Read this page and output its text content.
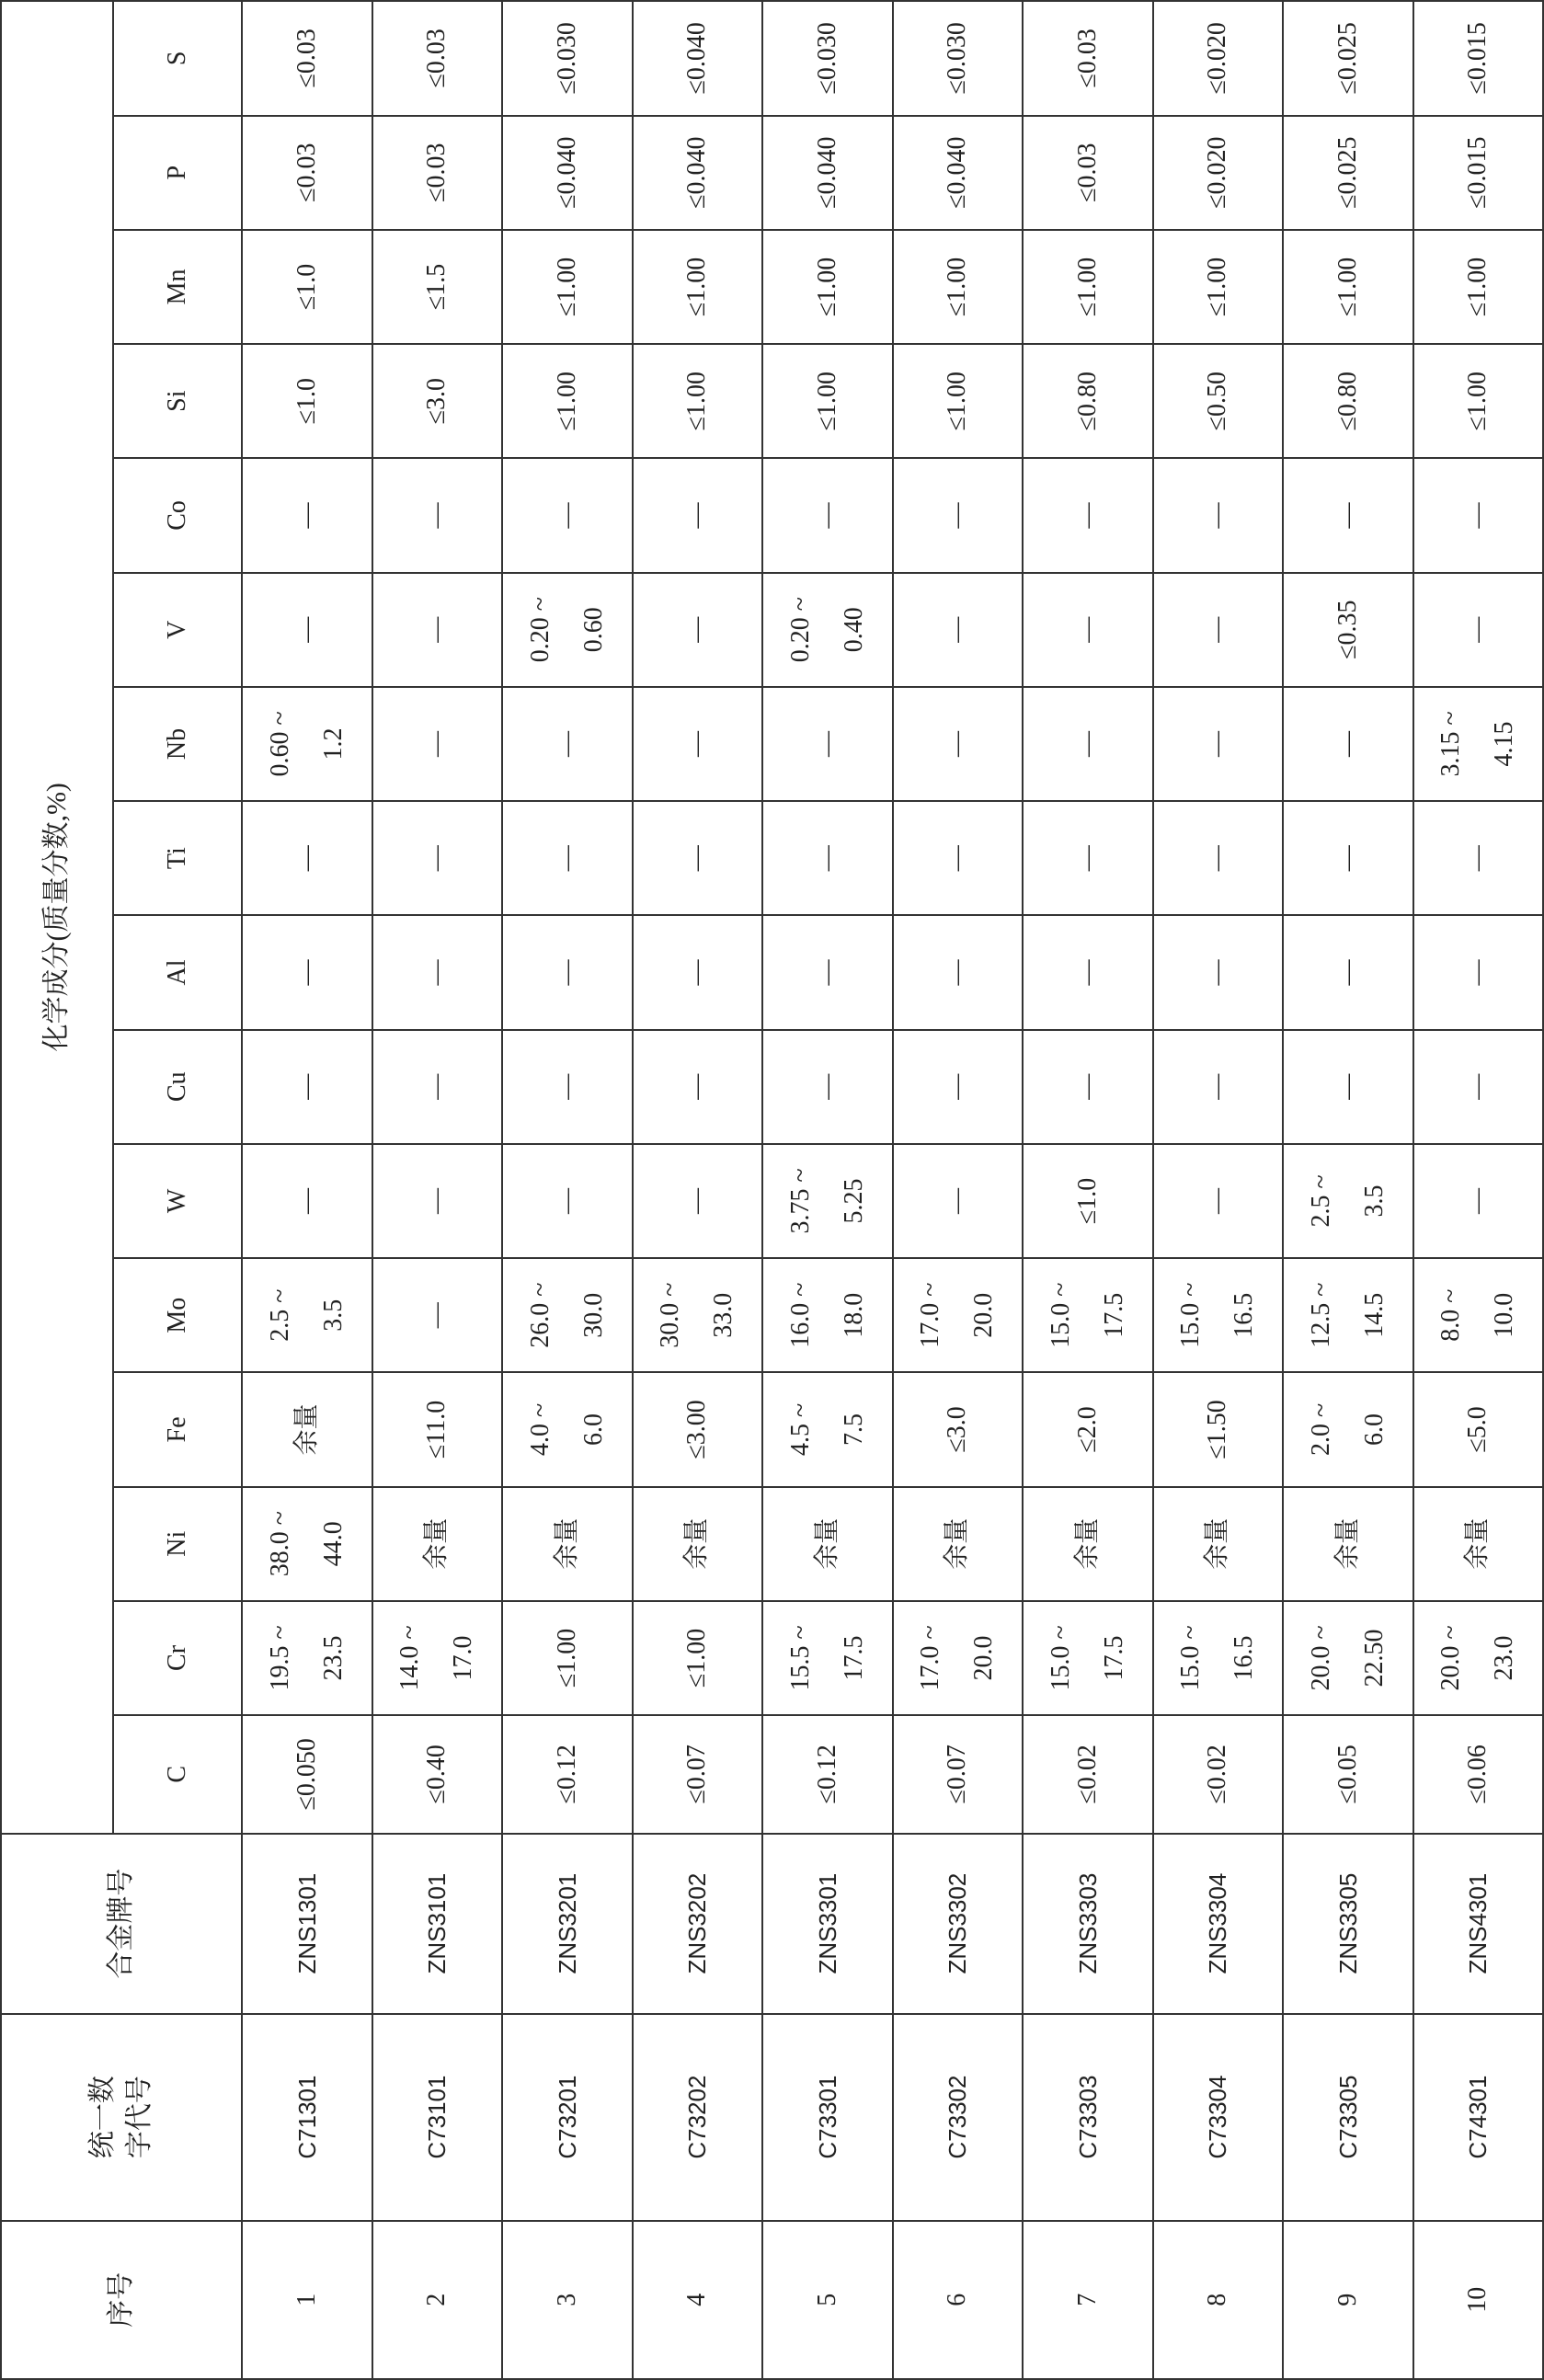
序号	统一数 字代号	合金牌号	化学成分(质量分数,%)															
			C	Cr	Ni	Fe	Mo	W	Cu	Al	Ti	Nb	V	Co	Si	Mn	P	S
1	C71301	ZNS1301	≤0.050	19.5 ~ 23.5	38.0 ~ 44.0	余量	2.5 ~ 3.5	—	—	—	—	0.60 ~ 1.2	—	—	≤1.0	≤1.0	≤0.03	≤0.03

2	C73101	ZNS3101	≤0.40	14.0 ~ 17.0	余量	≤11.0	—	—	—	—	—	—	—	—	≤3.0	≤1.5	≤0.03	≤0.03

3	C73201	ZNS3201	≤0.12	≤1.00	余量	4.0 ~ 6.0	26.0 ~ 30.0	—	—	—	—	—	0.20 ~ 0.60	—	≤1.00	≤1.00	≤0.040	≤0.030

4	C73202	ZNS3202	≤0.07	≤1.00	余量	≤3.00	30.0 ~ 33.0	—	—	—	—	—	—	—	≤1.00	≤1.00	≤0.040	≤0.040

5	C73301	ZNS3301	≤0.12	15.5 ~ 17.5	余量	4.5 ~ 7.5	16.0 ~ 18.0	3.75 ~ 5.25	—	—	—	—	0.20 ~ 0.40	—	≤1.00	≤1.00	≤0.040	≤0.030

6	C73302	ZNS3302	≤0.07	17.0 ~ 20.0	余量	≤3.0	17.0 ~ 20.0	—	—	—	—	—	—	—	≤1.00	≤1.00	≤0.040	≤0.030

7	C73303	ZNS3303	≤0.02	15.0 ~ 17.5	余量	≤2.0	15.0 ~ 17.5	≤1.0	—	—	—	—	—	—	≤0.80	≤1.00	≤0.03	≤0.03

8	C73304	ZNS3304	≤0.02	15.0 ~ 16.5	余量	≤1.50	15.0 ~ 16.5	—	—	—	—	—	—	—	≤0.50	≤1.00	≤0.020	≤0.020

9	C73305	ZNS3305	≤0.05	20.0 ~ 22.50	余量	2.0 ~ 6.0	12.5 ~ 14.5	2.5 ~ 3.5	—	—	—	—	≤0.35	—	≤0.80	≤1.00	≤0.025	≤0.025

10	C74301	ZNS4301	≤0.06	20.0 ~ 23.0	余量	≤5.0	8.0 ~ 10.0	—	—	—	—	3.15 ~ 4.15	—	—	≤1.00	≤1.00	≤0.015	≤0.015
